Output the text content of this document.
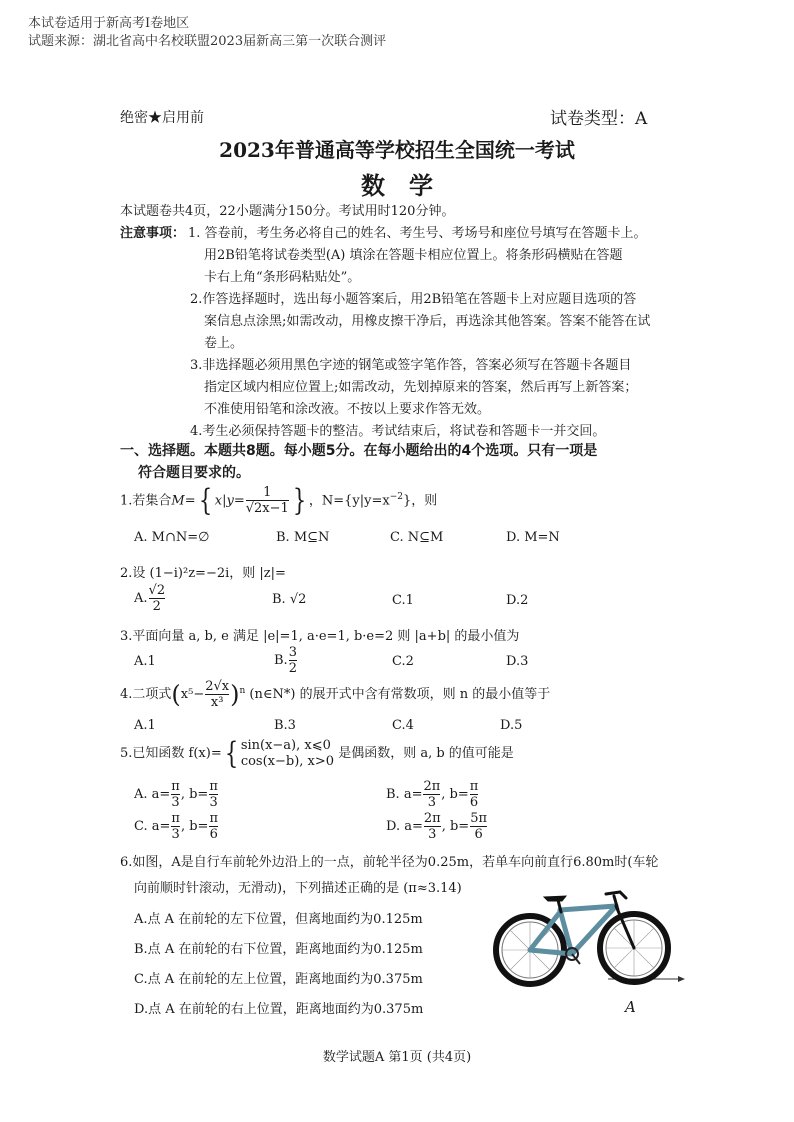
本试卷适用于新高考Ⅰ卷地区
试题来源：湖北省高中名校联盟2023届新高三第一次联合测评
绝密★启用前	试卷类型：A
2023年普通高等学校招生全国统一考试
数　学
本试题卷共4页，22小题满分150分。考试用时120分钟。
注意事项： 1. 答卷前，考生务必将自己的姓名、考生号、考场号和座位号填写在答题卡上。
用2B铅笔将试卷类型(A) 填涂在答题卡相应位置上。将条形码横贴在答题
卡右上角“条形码粘贴处”。
2.作答选择题时，选出每小题答案后，用2B铅笔在答题卡上对应题目选项的答
案信息点涂黑;如需改动，用橡皮擦干净后，再选涂其他答案。答案不能答在试
卷上。
3.非选择题必须用黑色字迹的钢笔或签字笔作答，答案必须写在答题卡各题目
指定区域内相应位置上;如需改动，先划掉原来的答案，然后再写上新答案；
不准使用铅笔和涂改液。不按以上要求作答无效。
4.考生必须保持答题卡的整洁。考试结束后，将试卷和答题卡一并交回。
一、选择题。本题共8题。每小题5分。在每小题给出的4个选项。只有一项是
符合题目要求的。
1.若集合M={ $x|y= \frac{1}{√2x-1}$ } ，$N=\{y|y=x^{-2}\}$，则
A. M∩N=∅	B. M⊆N	C. N⊆M	D. M=N
2.设 (1−i)²z=−2i，则 |z|=
A. $\frac{√2}{2}$	B. √2	C.1	D.2
3.平面向量 a, b, e 满足 |e|=1, a·e=1, b·e=2 则 |a+b| 的最小值为
A.1	B. $\frac{3}{2}$	C.2	D.3
4.二项式$(x^5- \frac{2√x}{\text{x³}} )^n$ (n∈N*) 的展开式中含有常数项，则 n 的最小值等于
A.1	B.3	C.4	D.5
5.已知函数 f(x)={ sin(x−a), x⩽0
cos(x−b), x>0 是偶函数，则 a, b 的值可能是
A. $a= \frac{\pi}{3}$ , $b= \frac{\pi}{3}$	B. $a= \frac{2\pi}{3}$ , $b= \frac{\pi}{6}$
C. $a= \frac{\pi}{3}$ , $b= \frac{\pi}{6}$	D. $a= \frac{2\pi}{3}$ , $b= \frac{5\pi}{6}$
6.如图，A是自行车前轮外边沿上的一点，前轮半径为0.25m，若单车向前直行6.80m时(车轮
向前顺时针滚动，无滑动)，下列描述正确的是 (π≈3.14)
A.点 A 在前轮的左下位置，但离地面约为0.125m
B.点 A 在前轮的右下位置，距离地面约为0.125m
C.点 A 在前轮的左上位置，距离地面约为0.375m
D.点 A 在前轮的右上位置，距离地面约为0.375m	A
数学试题A 第1页 (共4页)
